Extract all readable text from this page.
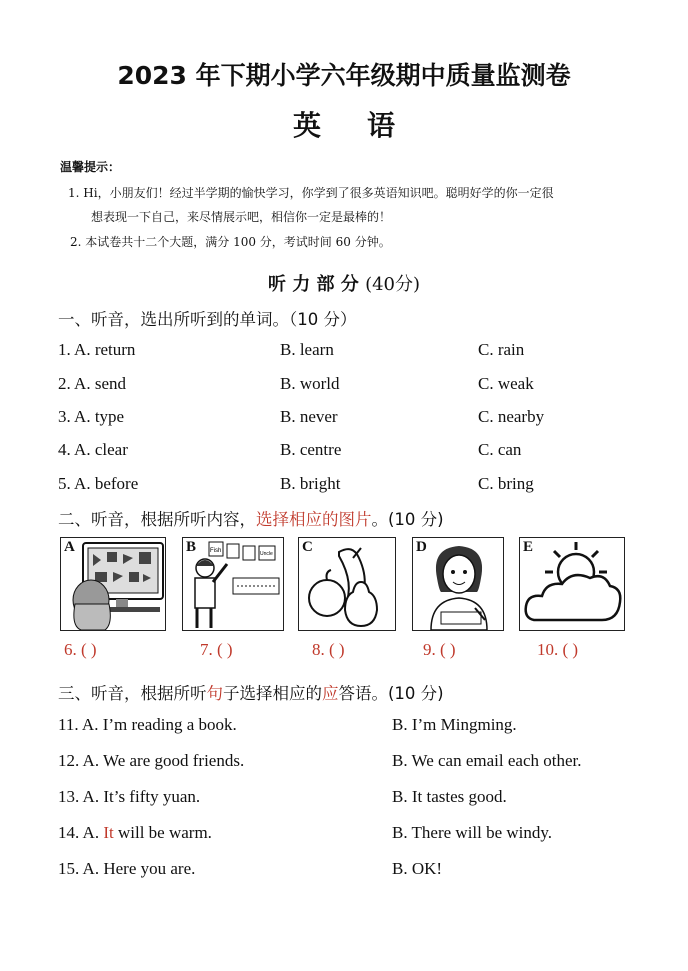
2023 年下期小学六年级期中质量监测卷
英语
温馨提示：
1. Hi，小朋友们！经过半学期的愉快学习，你学到了很多英语知识吧。聪明好学的你一定很
想表现一下自己，来尽情展示吧，相信你一定是最棒的！
2. 本试卷共十二个大题，满分 100 分，考试时间 60 分钟。
听 力 部 分 (40分)
一、听音，选出所听到的单词。（10 分）
1. A. return	B. learn	C. rain
2. A. send	B. world	C. weak
3. A. type	B. never	C. nearby
4. A. clear	B. centre	C. can
5. A. before	B. bright	C. bring
二、听音，根据所听内容，选择相应的图片。(10 分)
A	Fish	Uncle
B	C	D	E
6. ( )	7. ( )	8. ( )	9. ( )	10. ( )
三、听音，根据所听句子选择相应的应答语。(10 分)
11. A. I’m reading a book.	B. I’m Mingming.
12. A. We are good friends.	B. We can email each other.
13. A. It’s fifty yuan.	B. It tastes good.
14. A. It will be warm.	B. There will be windy.
15. A. Here you are.	B. OK!
